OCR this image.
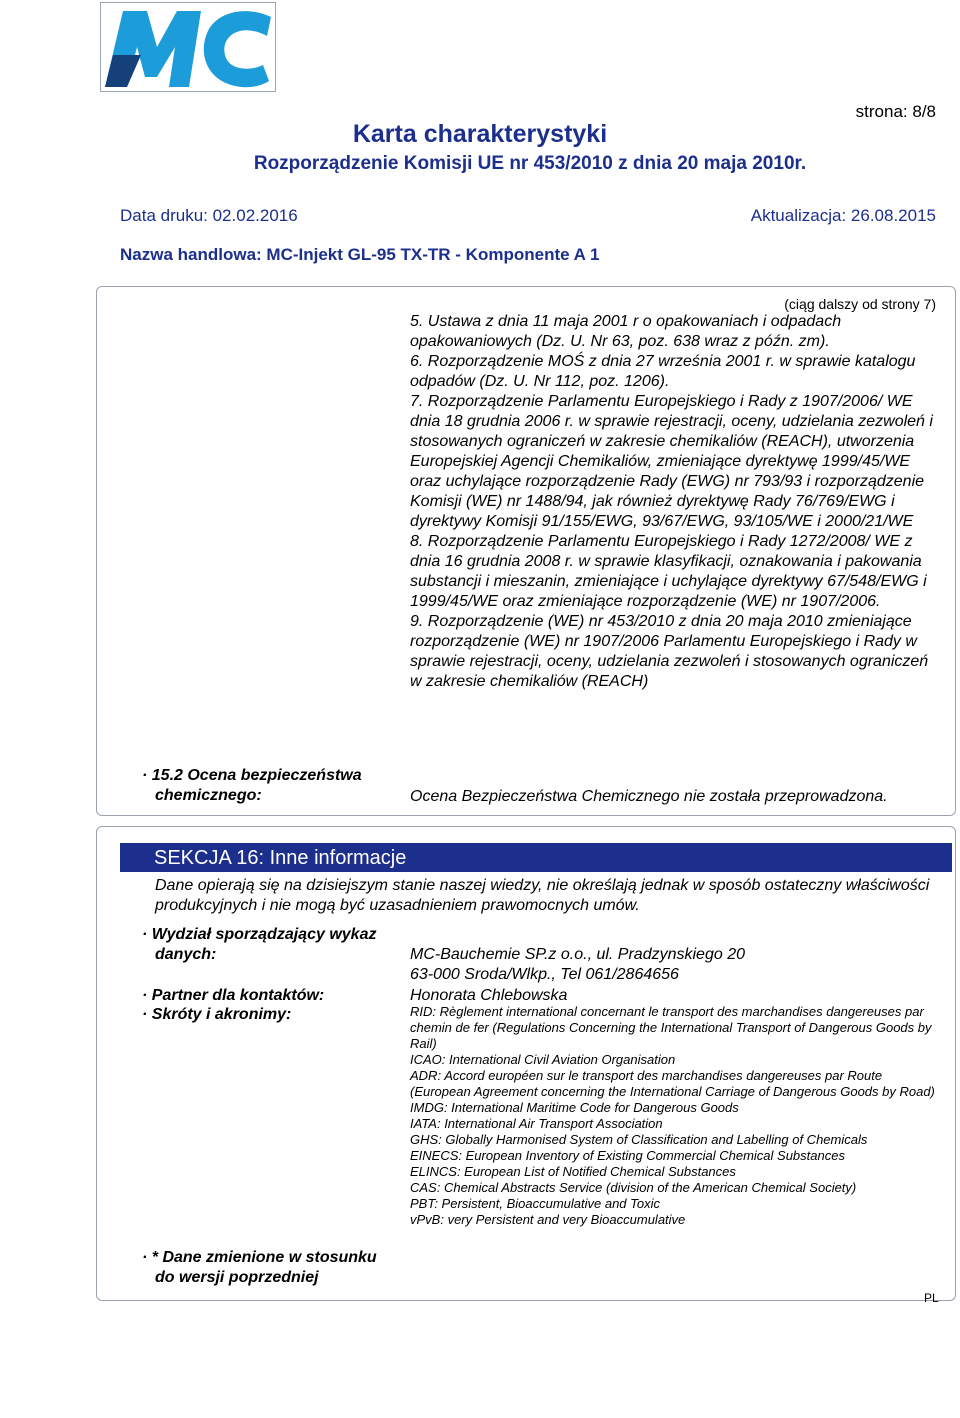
MC
strona: 8/8
Karta charakterystyki
Rozporządzenie Komisji UE nr 453/2010 z dnia 20 maja 2010r.
Data druku: 02.02.2016	Aktualizacja: 26.08.2015
Nazwa handlowa: MC-Injekt GL-95 TX-TR - Komponente A 1
(ciąg dalszy od strony 7)

5. Ustawa z dnia 11 maja 2001 r o opakowaniach i odpadach opakowaniowych (Dz. U. Nr 63, poz. 638 wraz z późn. zm).

6. Rozporządzenie MOŚ z dnia 27 września 2001 r. w sprawie katalogu odpadów (Dz. U. Nr 112, poz. 1206).

7. Rozporządzenie Parlamentu Europejskiego i Rady z 1907/2006/ WE dnia 18 grudnia 2006 r. w sprawie rejestracji, oceny, udzielania zezwoleń i stosowanych ograniczeń w zakresie chemikaliów (REACH), utworzenia Europejskiej Agencji Chemikaliów, zmieniające dyrektywę 1999/45/WE oraz uchylające rozporządzenie Rady (EWG) nr 793/93 i rozporządzenie Komisji (WE) nr 1488/94, jak również dyrektywę Rady 76/769/EWG i dyrektywy Komisji 91/155/EWG, 93/67/EWG, 93/105/WE i 2000/21/WE

8. Rozporządzenie Parlamentu Europejskiego i Rady 1272/2008/ WE z dnia 16 grudnia 2008 r. w sprawie klasyfikacji, oznakowania i pakowania substancji i mieszanin, zmieniające i uchylające dyrektywy 67/548/EWG i 1999/45/WE oraz zmieniające rozporządzenie (WE) nr 1907/2006.

9. Rozporządzenie (WE) nr 453/2010 z dnia 20 maja 2010 zmieniające rozporządzenie (WE) nr 1907/2006 Parlamentu Europejskiego i Rady w sprawie rejestracji, oceny, udzielania zezwoleń i stosowanych ograniczeń w zakresie chemikaliów (REACH)

· 15.2 Ocena bezpieczeństwa
chemicznego:	Ocena Bezpieczeństwa Chemicznego nie została przeprowadzona.
SEKCJA 16: Inne informacje
Dane opierają się na dzisiejszym stanie naszej wiedzy, nie określają jednak w sposób ostateczny właściwości produkcyjnych i nie mogą być uzasadnieniem prawomocnych umów.
· Wydział sporządzający wykaz
danych:	MC-Bauchemie SP.z o.o., ul. Pradzynskiego 20
63-000 Sroda/Wlkp., Tel 061/2864656
· Partner dla kontaktów:	Honorata Chlebowska
· Skróty i akronimy:	RID: Règlement international concernant le transport des marchandises dangereuses par chemin de fer (Regulations Concerning the International Transport of Dangerous Goods by Rail)
ICAO: International Civil Aviation Organisation
ADR: Accord européen sur le transport des marchandises dangereuses par Route (European Agreement concerning the International Carriage of Dangerous Goods by Road)
IMDG: International Maritime Code for Dangerous Goods
IATA: International Air Transport Association
GHS: Globally Harmonised System of Classification and Labelling of Chemicals
EINECS: European Inventory of Existing Commercial Chemical Substances
ELINCS: European List of Notified Chemical Substances
CAS: Chemical Abstracts Service (division of the American Chemical Society)
PBT: Persistent, Bioaccumulative and Toxic
vPvB: very Persistent and very Bioaccumulative
· * Dane zmienione w stosunku
do wersji poprzedniej
PL
